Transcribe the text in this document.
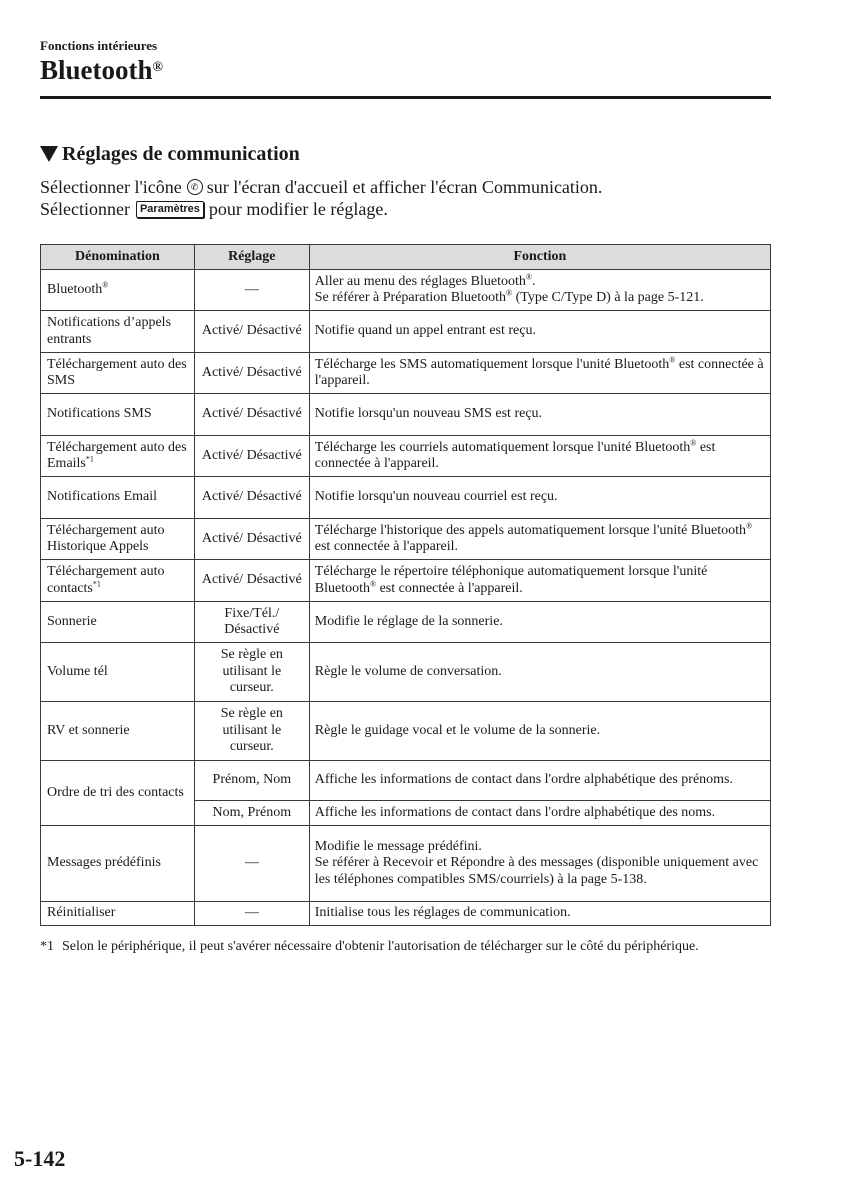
Fonctions intérieures
Bluetooth®
Réglages de communication
Sélectionner l'icône	✆ sur l'écran d'accueil et afficher l'écran Communication.
Sélectionner Paramètres pour modifier le réglage.
Dénomination	Réglage	Fonction
Bluetooth®	—	Aller au menu des réglages Bluetooth®.
Se référer à Préparation Bluetooth® (Type C/Type D) à la page 5-121.

Notifications d’appels entrants	Activé/ Désactivé	Notifie quand un appel entrant est reçu.
Téléchargement auto des SMS	Activé/ Désactivé	Télécharge les SMS automatiquement lorsque l'unité Bluetooth® est connectée à l'appareil.
Notifications SMS	Activé/ Désactivé	Notifie lorsqu'un nouveau SMS est reçu.
Téléchargement auto des Emails$^{*1}$	Activé/ Désactivé	Télécharge les courriels automatiquement lorsque l'unité Bluetooth® est connectée à l'appareil.
Notifications Email	Activé/ Désactivé	Notifie lorsqu'un nouveau courriel est reçu.
Téléchargement auto Historique Appels	Activé/ Désactivé	Télécharge l'historique des appels automatiquement lorsque l'unité Bluetooth® est connectée à l'appareil.
Téléchargement auto contacts$^{*1}$	Activé/ Désactivé	Télécharge le répertoire téléphonique automatiquement lorsque l'unité Bluetooth® est connectée à l'appareil.
Sonnerie	Fixe/Tél./ Désactivé	Modifie le réglage de la sonnerie.
Volume tél	Se règle en utilisant le curseur.	Règle le volume de conversation.
RV et sonnerie	Se règle en utilisant le curseur.	Règle le guidage vocal et le volume de la sonnerie.
Ordre de tri des contacts	Prénom, Nom	Affiche les informations de contact dans l'ordre alphabétique des prénoms.
	Nom, Prénom	Affiche les informations de contact dans l'ordre alphabétique des noms.
Messages prédéfinis	—	Modifie le message prédéfini.
Se référer à Recevoir et Répondre à des messages (disponible uniquement avec les téléphones compatibles SMS/courriels) à la page 5-138.

Réinitialiser	—	Initialise tous les réglages de communication.
*1 Selon le périphérique, il peut s'avérer nécessaire d'obtenir l'autorisation de télécharger sur le côté du périphérique.
5-142
